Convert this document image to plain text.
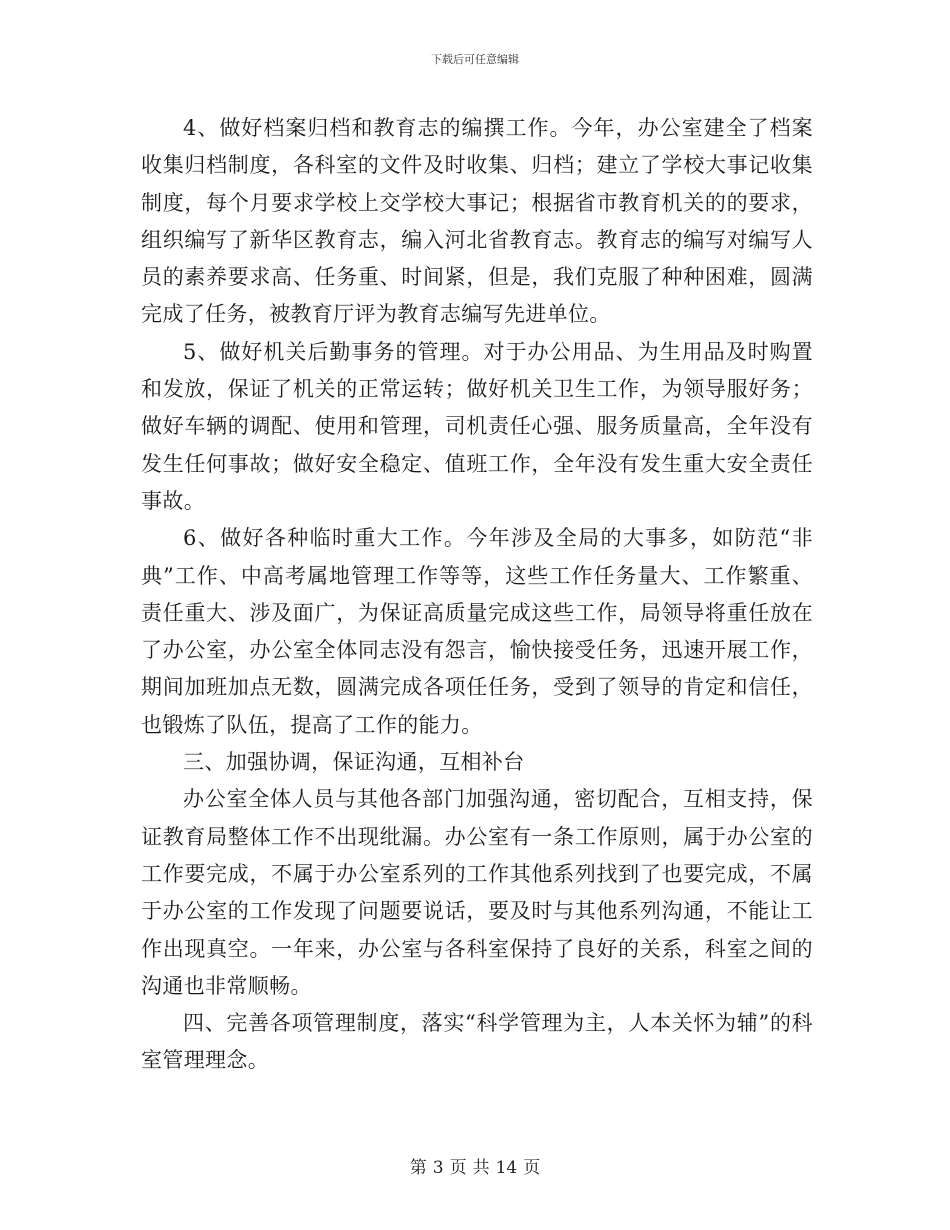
下载后可任意编辑

4、做好档案归档和教育志的编撰工作。今年，办公室建全了档案收集归档制度，各科室的文件及时收集、归档；建立了学校大事记收集制度，每个月要求学校上交学校大事记；根据省市教育机关的的要求，组织编写了新华区教育志，编入河北省教育志。教育志的编写对编写人员的素养要求高、任务重、时间紧，但是，我们克服了种种困难，圆满完成了任务，被教育厅评为教育志编写先进单位。

5、做好机关后勤事务的管理。对于办公用品、为生用品及时购置和发放，保证了机关的正常运转；做好机关卫生工作，为领导服好务；做好车辆的调配、使用和管理，司机责任心强、服务质量高，全年没有发生任何事故；做好安全稳定、值班工作，全年没有发生重大安全责任事故。

6、做好各种临时重大工作。今年涉及全局的大事多，如防范“非典”工作、中高考属地管理工作等等，这些工作任务量大、工作繁重、责任重大、涉及面广，为保证高质量完成这些工作，局领导将重任放在了办公室，办公室全体同志没有怨言，愉快接受任务，迅速开展工作，期间加班加点无数，圆满完成各项任任务，受到了领导的肯定和信任，也锻炼了队伍，提高了工作的能力。

三、加强协调，保证沟通，互相补台

办公室全体人员与其他各部门加强沟通，密切配合，互相支持，保证教育局整体工作不出现纰漏。办公室有一条工作原则，属于办公室的工作要完成，不属于办公室系列的工作其他系列找到了也要完成，不属于办公室的工作发现了问题要说话，要及时与其他系列沟通，不能让工作出现真空。一年来，办公室与各科室保持了良好的关系，科室之间的沟通也非常顺畅。

四、完善各项管理制度，落实“科学管理为主，人本关怀为辅”的科室管理理念。

第 3 页 共 14 页
